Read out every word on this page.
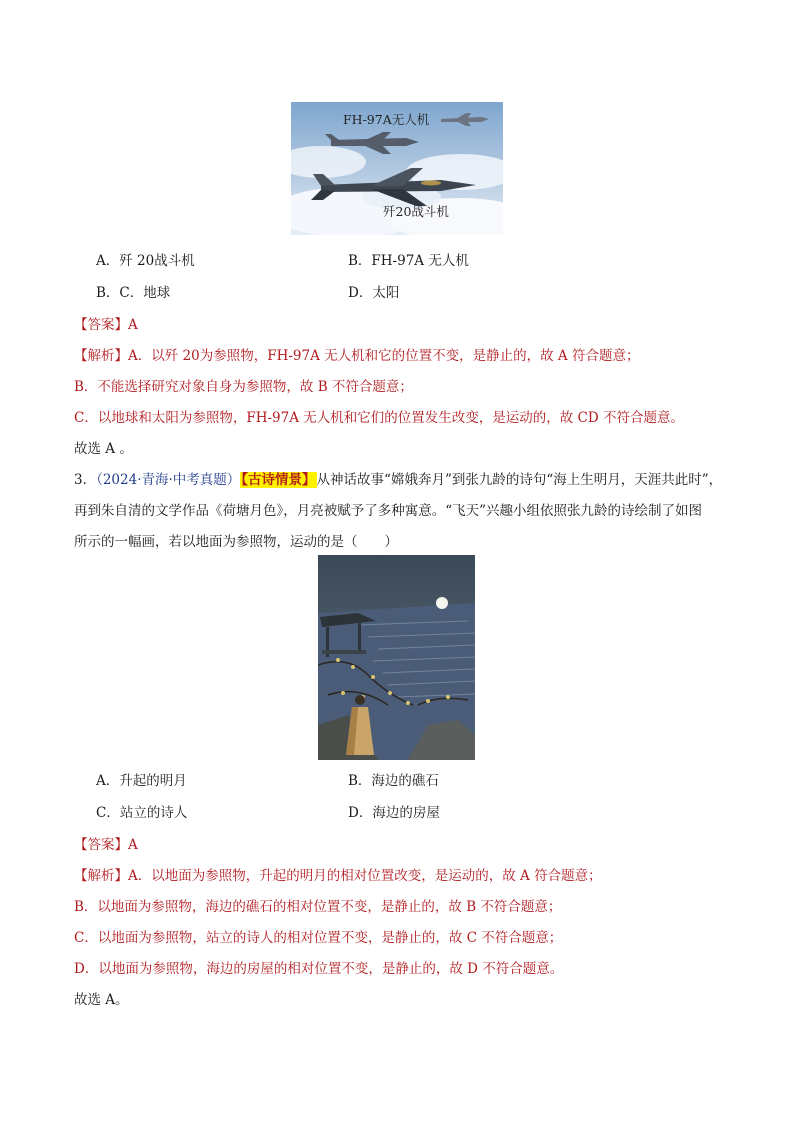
FH-97A无人机
歼20战斗机
A．歼 20战斗机	B．FH-97A 无人机
B．C．地球	D．太阳
【答案】A
【解析】A．以歼 20为参照物，FH-97A 无人机和它的位置不变，是静止的，故 A 符合题意；
B．不能选择研究对象自身为参照物，故 B 不符合题意；
C．以地球和太阳为参照物，FH-97A 无人机和它们的位置发生改变，是运动的，故 CD 不符合题意。
故选 A 。
3．（2024·青海·中考真题）【古诗情景】从神话故事“嫦娥奔月”到张九龄的诗句“海上生明月，天涯共此时”，
再到朱自清的文学作品《荷塘月色》，月亮被赋予了多种寓意。“飞天”兴趣小组依照张九龄的诗绘制了如图
所示的一幅画，若以地面为参照物，运动的是（　　）
A．升起的明月	B．海边的礁石
C．站立的诗人	D．海边的房屋
【答案】A
【解析】A．以地面为参照物，升起的明月的相对位置改变，是运动的，故 A 符合题意；
B．以地面为参照物，海边的礁石的相对位置不变，是静止的，故 B 不符合题意；
C．以地面为参照物，站立的诗人的相对位置不变，是静止的，故 C 不符合题意；
D．以地面为参照物，海边的房屋的相对位置不变，是静止的，故 D 不符合题意。
故选 A。
